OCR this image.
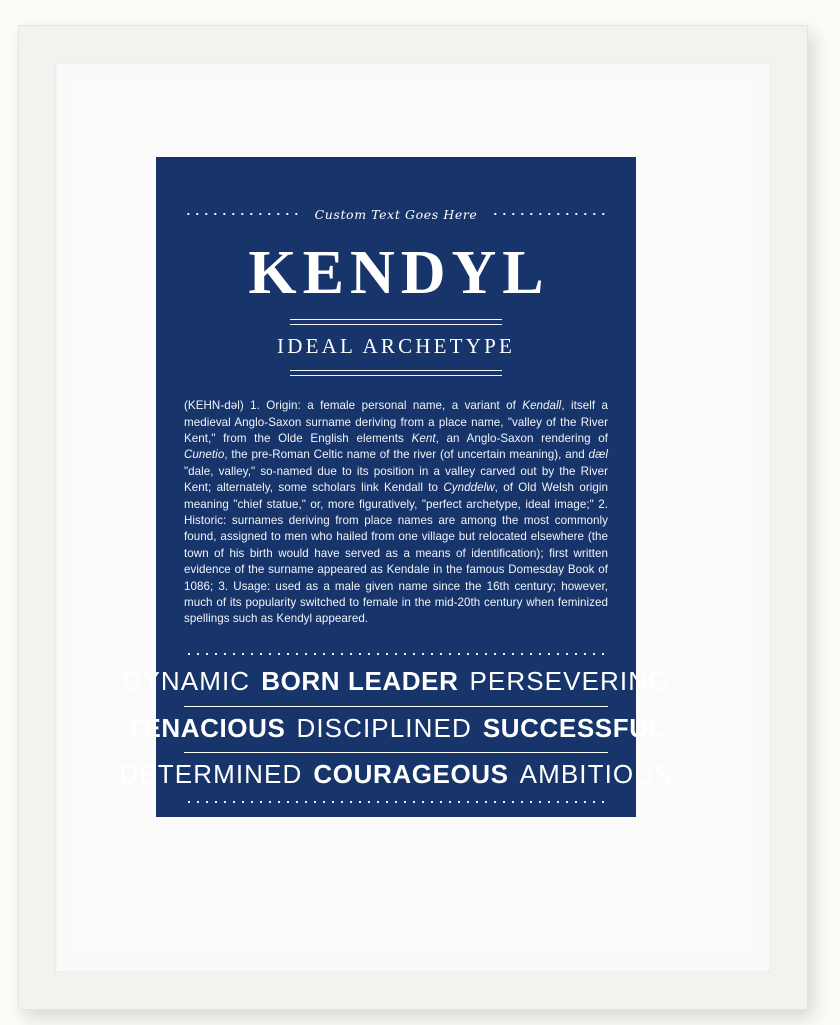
Custom Text Goes Here
KENDYL
IDEAL ARCHETYPE
(KEHN-dəl) 1. Origin: a female personal name, a variant of Kendall, itself a medieval Anglo-Saxon surname deriving from a place name, "valley of the River Kent," from the Olde English elements Kent, an Anglo-Saxon rendering of Cunetio, the pre-Roman Celtic name of the river (of uncertain meaning), and dæl "dale, valley," so-named due to its position in a valley carved out by the River Kent; alternately, some scholars link Kendall to Cynddelw, of Old Welsh origin meaning "chief statue," or, more figuratively, "perfect archetype, ideal image;" 2. Historic: surnames deriving from place names are among the most commonly found, assigned to men who hailed from one village but relocated elsewhere (the town of his birth would have served as a means of identification); first written evidence of the surname appeared as Kendale in the famous Domesday Book of 1086; 3. Usage: used as a male given name since the 16th century; however, much of its popularity switched to female in the mid-20th century when feminized spellings such as Kendyl appeared.
DYNAMIC BORN LEADER PERSEVERING
TENACIOUS DISCIPLINED SUCCESSFUL
DETERMINED COURAGEOUS AMBITIOUS
